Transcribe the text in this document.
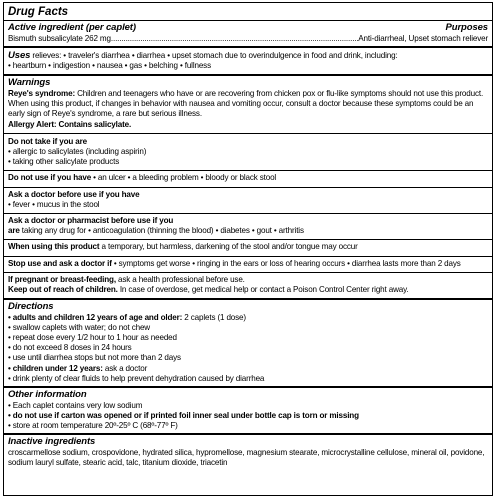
Drug Facts
Active ingredient (per caplet)	Purposes
Bismuth subsalicylate 262 mg
.....	Anti-diarrheal, Upset stomach reliever
Uses relieves: • traveler's diarrhea • diarrhea • upset stomach due to overindulgence in food and drink, including:
• heartburn • indigestion • nausea • gas • belching • fullness
Warnings
Reye's syndrome: Children and teenagers who have or are recovering from chicken pox or flu-like symptoms should not use this product.
When using this product, if changes in behavior with nausea and vomiting occur, consult a doctor because these symptoms could be an
early sign of Reye's syndrome, a rare but serious illness.
Allergy Alert: Contains salicylate.
Do not take if you are
• allergic to salicylates (including aspirin)
• taking other salicylate products
Do not use if you have • an ulcer • a bleeding problem • bloody or black stool
Ask a doctor before use if you have
• fever • mucus in the stool
Ask a doctor or pharmacist before use if you
are taking any drug for • anticoagulation (thinning the blood) • diabetes • gout • arthritis
When using this product a temporary, but harmless, darkening of the stool and/or tongue may occur
Stop use and ask a doctor if • symptoms get worse • ringing in the ears or loss of hearing occurs • diarrhea lasts more than 2 days
If pregnant or breast-feeding, ask a health professional before use.
Keep out of reach of children. In case of overdose, get medical help or contact a Poison Control Center right away.
Directions
• adults and children 12 years of age and older: 2 caplets (1 dose)
• swallow caplets with water; do not chew
• repeat dose every 1/2 hour to 1 hour as needed
• do not exceed 8 doses in 24 hours
• use until diarrhea stops but not more than 2 days
• children under 12 years: ask a doctor
• drink plenty of clear fluids to help prevent dehydration caused by diarrhea
Other information
• Each caplet contains very low sodium
• do not use if carton was opened or if printed foil inner seal under bottle cap is torn or missing
• store at room temperature 20º-25º C (68º-77º F)
Inactive ingredients
croscarmellose sodium, crospovidone, hydrated silica, hypromellose, magnesium stearate, microcrystalline cellulose, mineral oil, povidone,
sodium lauryl sulfate, stearic acid, talc, titanium dioxide, triacetin
